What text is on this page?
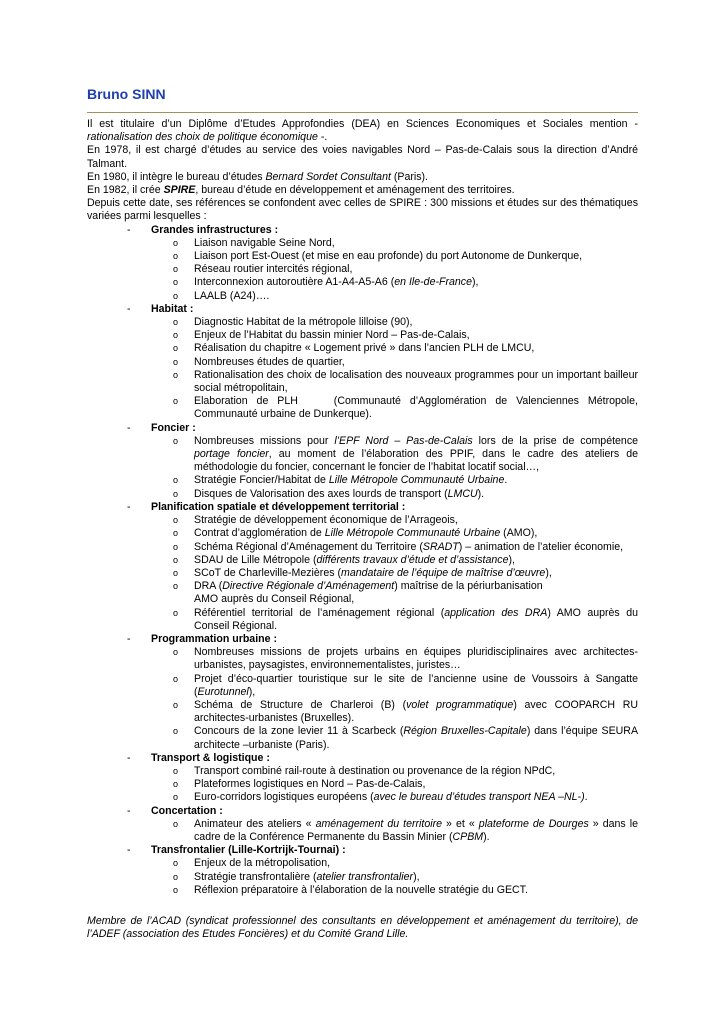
Bruno SINN

Il est titulaire d’un Diplôme d’Etudes Approfondies (DEA) en Sciences Economiques et Sociales mention - rationalisation des choix de politique économique -.

En 1978, il est chargé d’études au service des voies navigables Nord – Pas-de-Calais sous la direction d’André Talmant.

En 1980, il intègre le bureau d’études Bernard Sordet Consultant (Paris).

En 1982, il crée SPIRE, bureau d’étude en développement et aménagement des territoires.

Depuis cette date, ses références se confondent avec celles de SPIRE : 300 missions et études sur des thématiques variées parmi lesquelles :

- Grandes infrastructures :
o Liaison navigable Seine Nord,
o Liaison port Est-Ouest (et mise en eau profonde) du port Autonome de Dunkerque,
o Réseau routier intercités régional,
o Interconnexion autoroutière A1-A4-A5-A6 (en Ile-de-France),
o LAALB (A24)….
- Habitat :
o Diagnostic Habitat de la métropole lilloise (90),
o Enjeux de l’Habitat du bassin minier Nord – Pas-de-Calais,
o Réalisation du chapitre « Logement privé » dans l’ancien PLH de LMCU,
o Nombreuses études de quartier,
o Rationalisation des choix de localisation des nouveaux programmes pour un important bailleur social métropolitain,
o Elaboration de PLH    (Communauté d’Agglomération de Valenciennes Métropole, Communauté urbaine de Dunkerque).
- Foncier :
o Nombreuses missions pour l’EPF Nord – Pas-de-Calais lors de la prise de compétence portage foncier, au moment de l’élaboration des PPIF, dans le cadre des ateliers de méthodologie du foncier, concernant le foncier de l’habitat locatif social…,
o Stratégie Foncier/Habitat de Lille Métropole Communauté Urbaine.
o Disques de Valorisation des axes lourds de transport (LMCU).
- Planification spatiale et développement territorial :
o Stratégie de développement économique de l’Arrageois,
o Contrat d’agglomération de Lille Métropole Communauté Urbaine (AMO),
o Schéma Régional d’Aménagement du Territoire (SRADT) – animation de l’atelier économie,
o SDAU de Lille Métropole (différents travaux d’étude et d’assistance),
o SCoT de Charleville-Mezières (mandataire de l’équipe de maîtrise d’œuvre),
o DRA (Directive Régionale d’Aménagement) maîtrise de la périurbanisation
AMO auprès du Conseil Régional,
o Référentiel territorial de l’aménagement régional (application des DRA) AMO auprès du Conseil Régional.
- Programmation urbaine :
o Nombreuses missions de projets urbains en équipes pluridisciplinaires avec architectes-urbanistes, paysagistes, environnementalistes, juristes…
o Projet d’éco-quartier touristique sur le site de l’ancienne usine de Voussoirs à Sangatte (Eurotunnel),
o Schéma de Structure de Charleroi (B) (volet programmatique) avec COOPARCH RU architectes-urbanistes (Bruxelles).
o Concours de la zone levier 11 à Scarbeck (Région Bruxelles-Capitale) dans l’équipe SEURA architecte –urbaniste (Paris).
- Transport & logistique :
o Transport combiné rail-route à destination ou provenance de la région NPdC,
o Plateformes logistiques en Nord – Pas-de-Calais,
o Euro-corridors logistiques européens (avec le bureau d’études transport NEA –NL-).
- Concertation :
o Animateur des ateliers « aménagement du territoire » et « plateforme de Dourges » dans le cadre de la Conférence Permanente du Bassin Minier (CPBM).
- Transfrontalier (Lille-Kortrijk-Tournai) :
o Enjeux de la métropolisation,
o Stratégie transfrontalière (atelier transfrontalier),
o Réflexion préparatoire à l’élaboration de la nouvelle stratégie du GECT.

Membre de l’ACAD (syndicat professionnel des consultants en développement et aménagement du territoire), de l’ADEF (association des Etudes Foncières) et du Comité Grand Lille.
